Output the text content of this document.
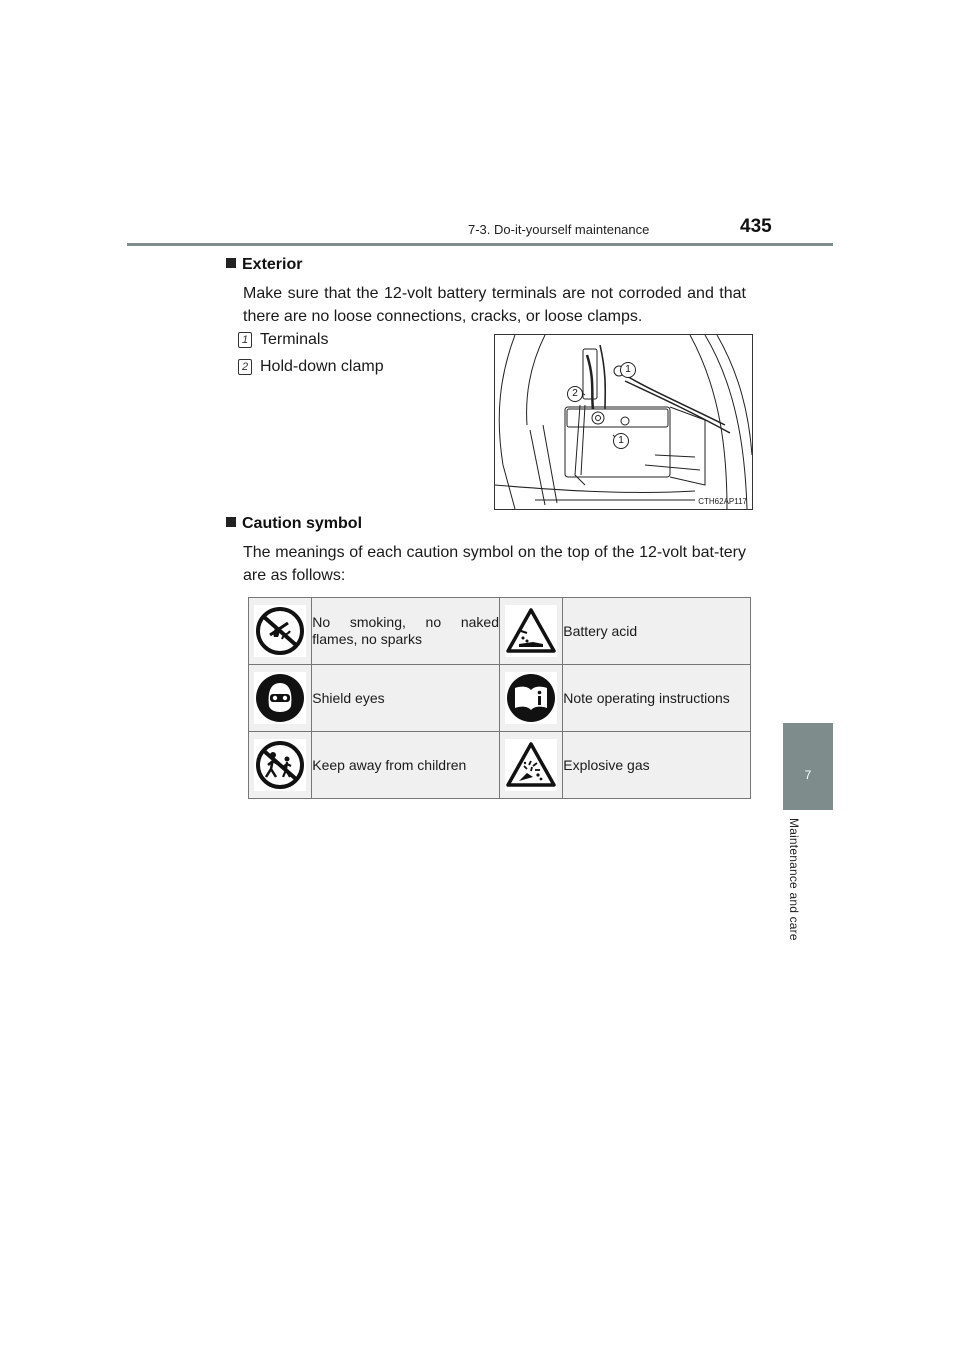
7-3. Do-it-yourself maintenance	435
7
Maintenance and care
Exterior
Make sure that the 12-volt battery terminals are not corroded and that there are no loose connections, cracks, or loose clamps.
1 Terminals
2 Hold-down clamp	1
2
1
CTH62AP117
Caution symbol
The meanings of each caution symbol on the top of the 12-volt bat-tery are as follows:
	No smoking, no naked flames, no sparks		Battery acid

	Shield eyes		Note operating instructions

	Keep away from children		Explosive gas
